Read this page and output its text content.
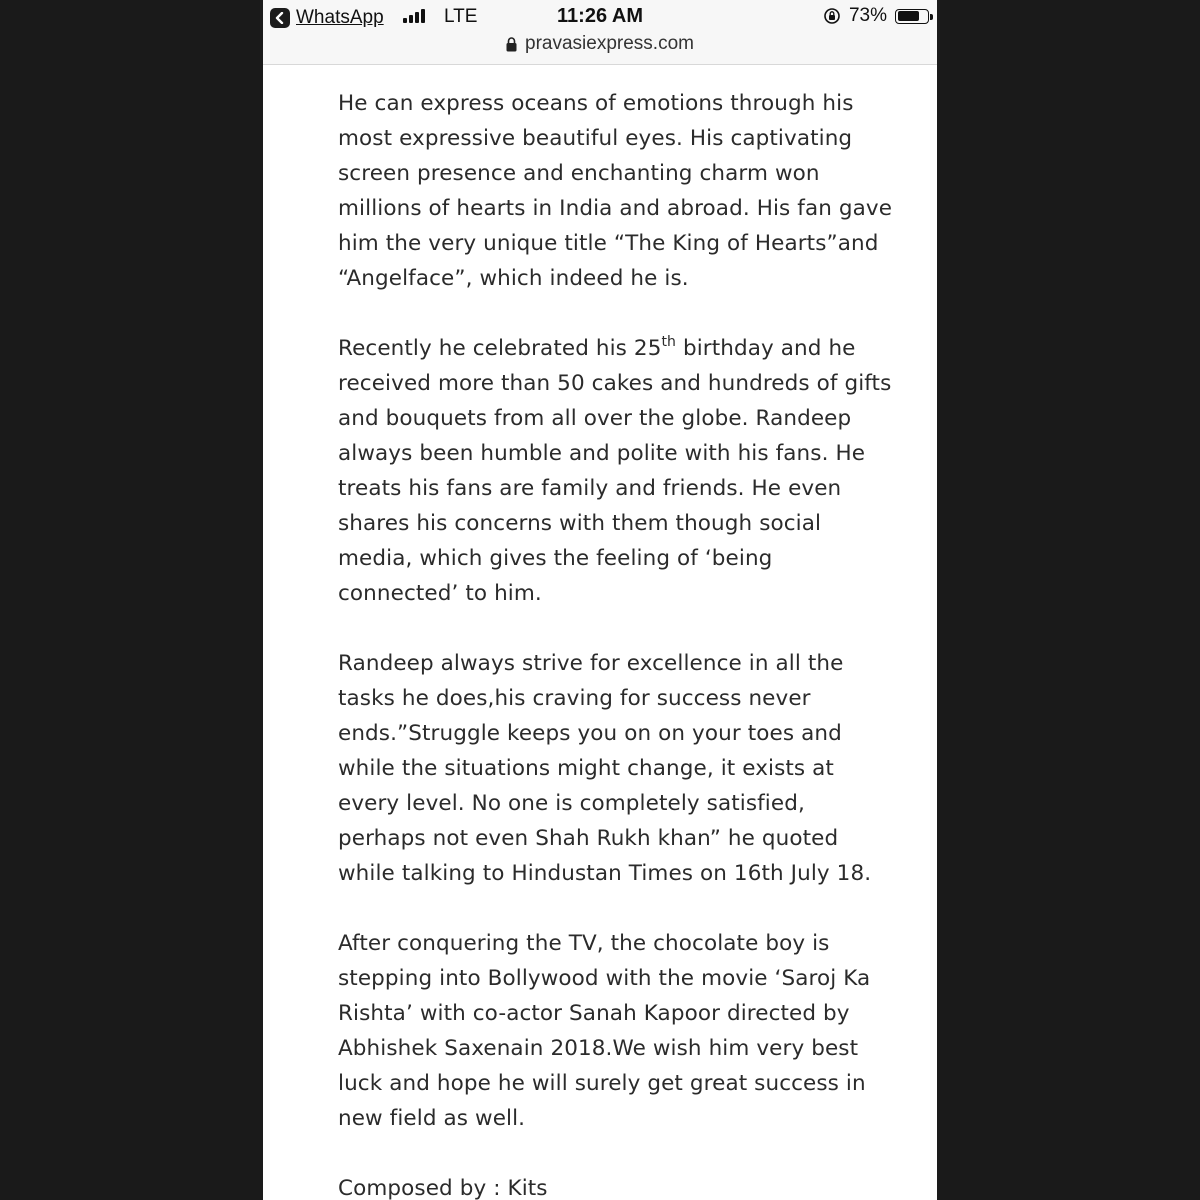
WhatsApp	LTE	11:26 AM	73%
pravasiexpress.com

He can express oceans of emotions through his most expressive beautiful eyes. His captivating screen presence and enchanting charm won millions of hearts in India and abroad. His fan gave him the very unique title “The King of Hearts”and “Angelface”, which indeed he is.

Recently he celebrated his 25th birthday and he received more than 50 cakes and hundreds of gifts and bouquets from all over the globe. Randeep always been humble and polite with his fans. He treats his fans are family and friends. He even shares his concerns with them though social media, which gives the feeling of ‘being connected’ to him.

Randeep always strive for excellence in all the tasks he does,his craving for success never ends.”Struggle keeps you on on your toes and while the situations might change, it exists at every level. No one is completely satisfied, perhaps not even Shah Rukh khan” he quoted while talking to Hindustan Times on 16th July 18.

After conquering the TV, the chocolate boy is stepping into Bollywood with the movie ‘Saroj Ka Rishta’ with co-actor Sanah Kapoor directed by Abhishek Saxenain 2018.We wish him very best luck and hope he will surely get great success in new field as well.

Composed by : Kits
